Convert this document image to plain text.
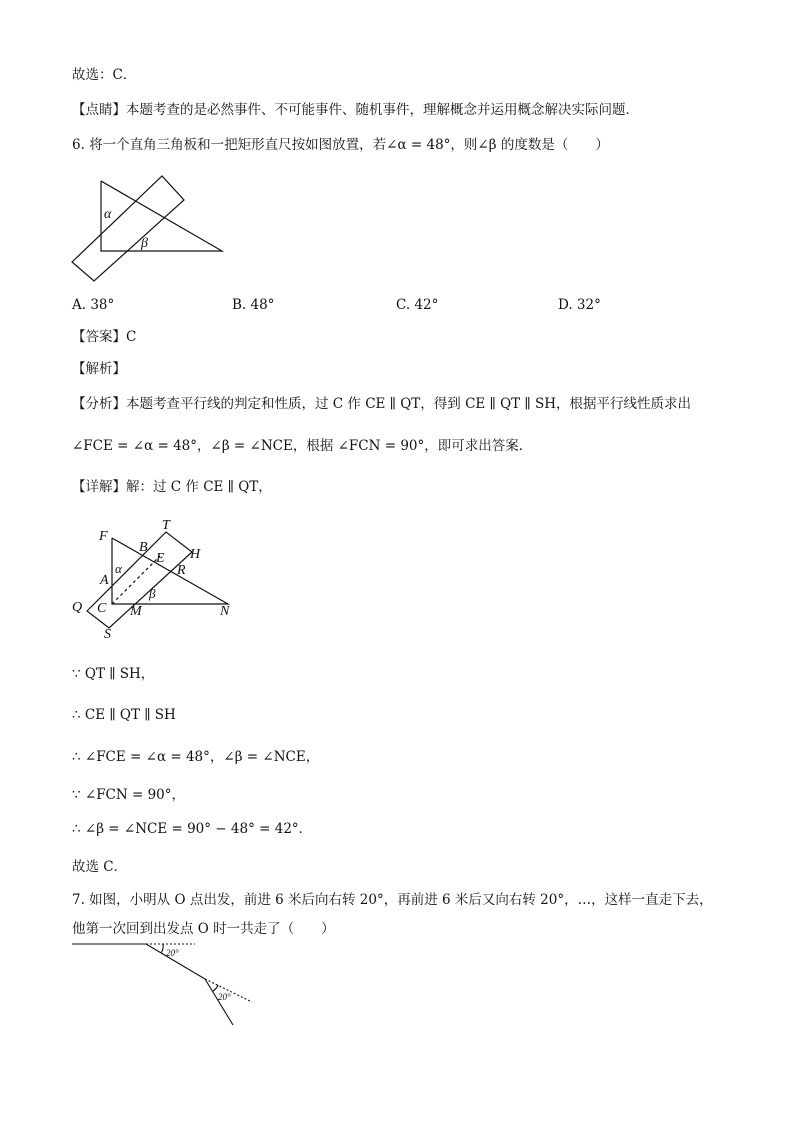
故选：C．
【点睛】本题考查的是必然事件、不可能事件、随机事件，理解概念并运用概念解决实际问题．
6. 将一个直角三角板和一把矩形直尺按如图放置，若∠α = 48°，则∠β 的度数是（　　）
α
β
A. 38°	B. 48°	C. 42°	D. 32°
【答案】C
【解析】
【分析】本题考查平行线的判定和性质，过 C 作 CE ∥ QT，得到 CE ∥ QT ∥ SH，根据平行线性质求出
∠FCE = ∠α = 48°，∠β = ∠NCE，根据 ∠FCN = 90°，即可求出答案．
【详解】解：过 C 作 CE ∥ QT，
F
T
B	H
E
R
A
α
β
Q C M	N
S
∵ QT ∥ SH，
∴ CE ∥ QT ∥ SH
∴ ∠FCE = ∠α = 48°，∠β = ∠NCE，
∵ ∠FCN = 90°，
∴ ∠β = ∠NCE = 90° − 48° = 42°．
故选 C．
7. 如图，小明从 O 点出发，前进 6 米后向右转 20°，再前进 6 米后又向右转 20°，…，这样一直走下去，
他第一次回到出发点 O 时一共走了（　　）
20°
20°
